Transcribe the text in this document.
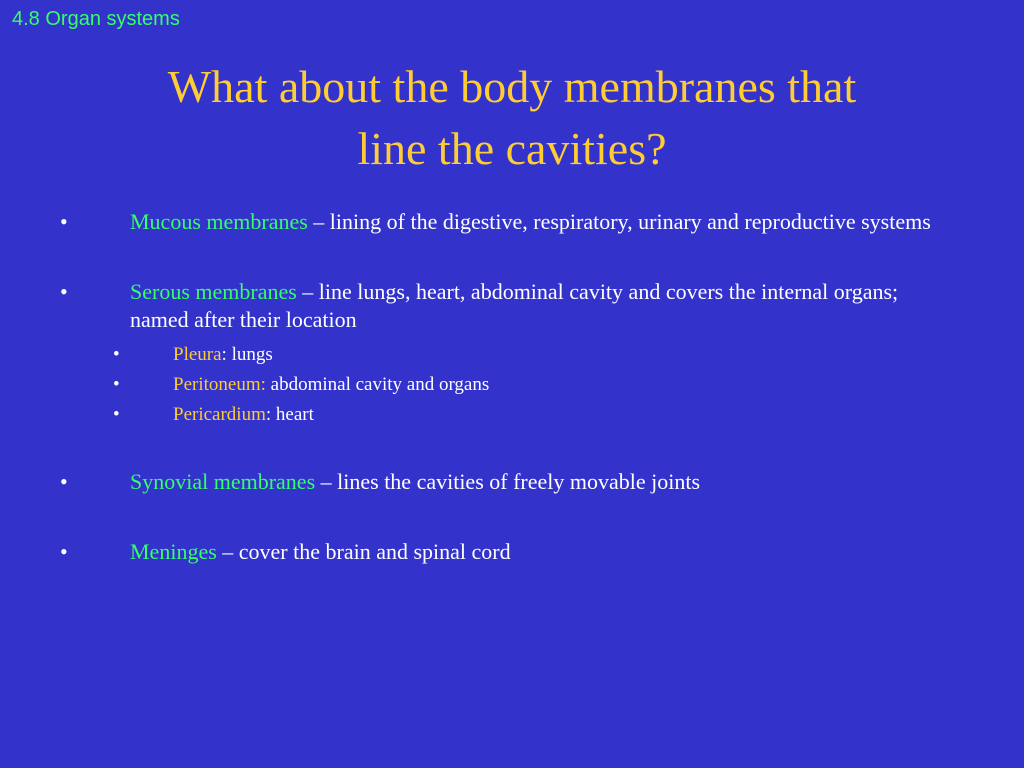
4.8 Organ systems
What about the body membranes that
line the cavities?
•	Mucous membranes – lining of the digestive, respiratory, urinary and reproductive systems
•	Serous membranes – line lungs, heart, abdominal cavity and covers the internal organs; named after their location
•	Pleura: lungs
•	Peritoneum: abdominal cavity and organs
•	Pericardium: heart
•	Synovial membranes – lines the cavities of freely movable joints
•	Meninges – cover the brain and spinal cord
